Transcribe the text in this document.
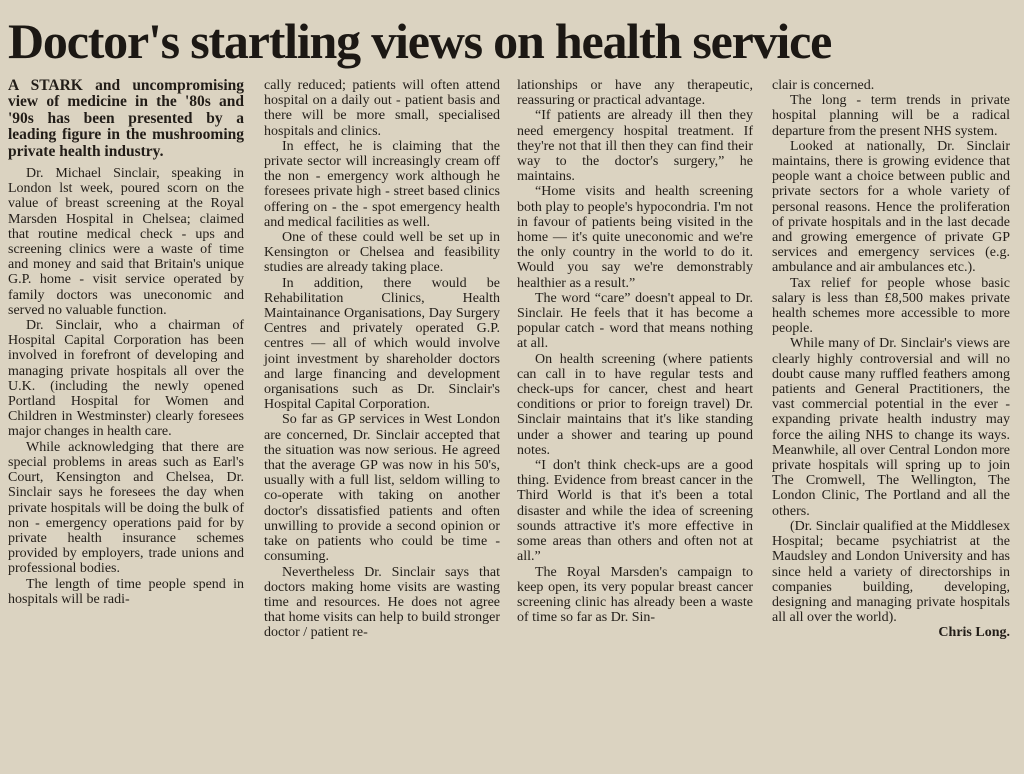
Doctor's startling views on health service

A STARK and uncompromising view of medicine in the '80s and '90s has been presented by a leading figure in the mushrooming private health industry.

Dr. Michael Sinclair, speaking in London lst week, poured scorn on the value of breast screening at the Royal Marsden Hospital in Chelsea; claimed that routine medical check - ups and screening clinics were a waste of time and money and said that Britain's unique G.P. home - visit service operated by family doctors was uneconomic and served no valuable function.

Dr. Sinclair, who a chairman of Hospital Capital Corporation has been involved in forefront of developing and managing private hospitals all over the U.K. (including the newly opened Portland Hospital for Women and Children in Westminster) clearly foresees major changes in health care.

While acknowledging that there are special problems in areas such as Earl's Court, Kensington and Chelsea, Dr. Sinclair says he foresees the day when private hospitals will be doing the bulk of non - emergency operations paid for by private health insurance schemes provided by employers, trade unions and professional bodies.

The length of time people spend in hospitals will be radi-

cally reduced; patients will often attend hospital on a daily out - patient basis and there will be more small, specialised hospitals and clinics.

In effect, he is claiming that the private sector will increasingly cream off the non - emergency work although he foresees private high - street based clinics offering on - the - spot emergency health and medical facilities as well.

One of these could well be set up in Kensington or Chelsea and feasibility studies are already taking place.

In addition, there would be Rehabilitation Clinics, Health Maintainance Organisations, Day Surgery Centres and privately operated G.P. centres — all of which would involve joint investment by shareholder doctors and large financing and development organisations such as Dr. Sinclair's Hospital Capital Corporation.

So far as GP services in West London are concerned, Dr. Sinclair accepted that the situation was now serious. He agreed that the average GP was now in his 50's, usually with a full list, seldom willing to co-operate with taking on another doctor's dissatisfied patients and often unwilling to provide a second opinion or take on patients who could be time - consuming.

Nevertheless Dr. Sinclair says that doctors making home visits are wasting time and resources. He does not agree that home visits can help to build stronger doctor / patient re-

lationships or have any therapeutic, reassuring or practical advantage.

“If patients are already ill then they need emergency hospital treatment. If they're not that ill then they can find their way to the doctor's surgery,” he maintains.

“Home visits and health screening both play to people's hypocondria. I'm not in favour of patients being visited in the home — it's quite uneconomic and we're the only country in the world to do it. Would you say we're demonstrably healthier as a result.”

The word “care” doesn't appeal to Dr. Sinclair. He feels that it has become a popular catch - word that means nothing at all.

On health screening (where patients can call in to have regular tests and check-ups for cancer, chest and heart conditions or prior to foreign travel) Dr. Sinclair maintains that it's like standing under a shower and tearing up pound notes.

“I don't think check-ups are a good thing. Evidence from breast cancer in the Third World is that it's been a total disaster and while the idea of screening sounds attractive it's more effective in some areas than others and often not at all.”

The Royal Marsden's campaign to keep open, its very popular breast cancer screening clinic has already been a waste of time so far as Dr. Sin-

clair is concerned.

The long - term trends in private hospital planning will be a radical departure from the present NHS system.

Looked at nationally, Dr. Sinclair maintains, there is growing evidence that people want a choice between public and private sectors for a whole variety of personal reasons. Hence the proliferation of private hospitals and in the last decade and growing emergence of private GP services and emergency services (e.g. ambulance and air ambulances etc.).

Tax relief for people whose basic salary is less than £8,500 makes private health schemes more accessible to more people.

While many of Dr. Sinclair's views are clearly highly controversial and will no doubt cause many ruffled feathers among patients and General Practitioners, the vast commercial potential in the ever - expanding private health industry may force the ailing NHS to change its ways. Meanwhile, all over Central London more private hospitals will spring up to join The Cromwell, The Wellington, The London Clinic, The Portland and all the others.

(Dr. Sinclair qualified at the Middlesex Hospital; became psychiatrist at the Maudsley and London University and has since held a variety of directorships in companies building, developing, designing and managing private hospitals all all over the world).

Chris Long.
